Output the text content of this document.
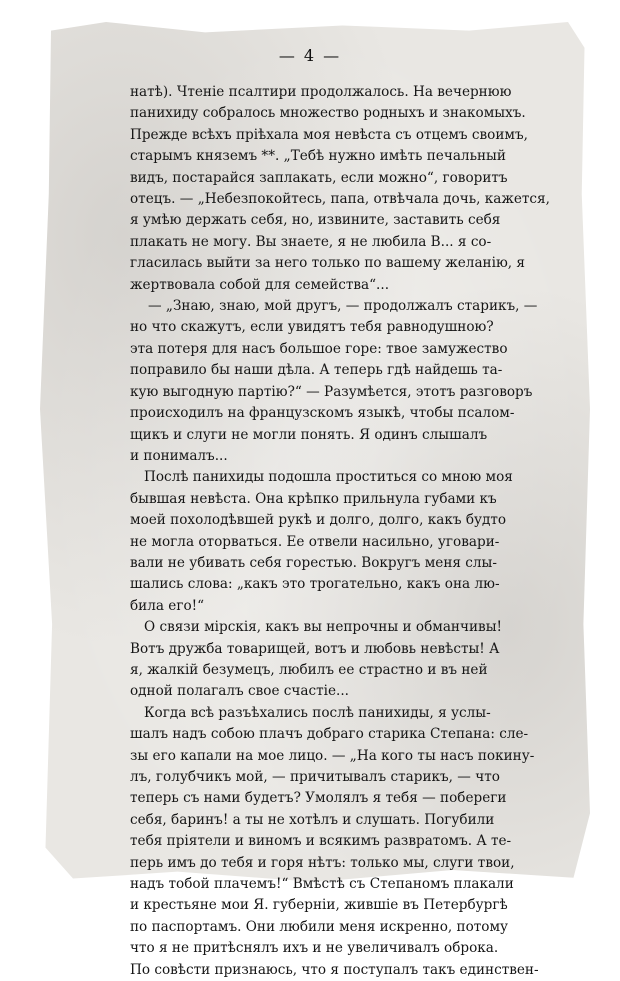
— 4 —
натѣ). Чтеніе псалтири продолжалось. На вечернюю
панихиду собралось множество родныхъ и знакомыхъ.
Прежде всѣхъ пріѣхала моя невѣста съ отцемъ своимъ,
старымъ княземъ **. „Тебѣ нужно имѣть печальный
видъ, постарайся заплакать, если можно“, говоритъ
отецъ. — „Небезпокойтесь, папа, отвѣчала дочь, кажется,
я умѣю держать себя, но, извините, заставить себя
плакать не могу. Вы знаете, я не любила В... я со-
гласилась выйти за него только по вашему желанію, я
жертвовала собой для семейства“...
— „Знаю, знаю, мой другъ, — продолжалъ старикъ, —
но что скажутъ, если увидятъ тебя равнодушною?
эта потеря для насъ большое горе: твое замужество
поправило бы наши дѣла. А теперь гдѣ найдешь та-
кую выгодную партію?“ — Разумѣется, этотъ разговоръ
происходилъ на французскомъ языкѣ, чтобы псалом-
щикъ и слуги не могли понять. Я одинъ слышалъ
и понималъ...
Послѣ панихиды подошла проститься со мною моя
бывшая невѣста. Она крѣпко прильнула губами къ
моей похолодѣвшей рукѣ и долго, долго, какъ будто
не могла оторваться. Ее отвели насильно, уговари-
вали не убивать себя горестью. Вокругъ меня слы-
шались слова: „какъ это трогательно, какъ она лю-
била его!“
О связи мірскія, какъ вы непрочны и обманчивы!
Вотъ дружба товарищей, вотъ и любовь невѣсты! А
я, жалкій безумецъ, любилъ ее страстно и въ ней
одной полагалъ свое счастіе...
Когда всѣ разъѣхались послѣ панихиды, я услы-
шалъ надъ собою плачъ добраго старика Степана: сле-
зы его капали на мое лицо. — „На кого ты насъ покину-
лъ, голубчикъ мой, — причитывалъ старикъ, — что
теперь съ нами будетъ? Умолялъ я тебя — побереги
себя, баринъ! а ты не хотѣлъ и слушать. Погубили
тебя пріятели и виномъ и всякимъ развратомъ. А те-
перь имъ до тебя и горя нѣтъ: только мы, слуги твои,
надъ тобой плачемъ!“ Вмѣстѣ съ Степаномъ плакали
и крестьяне мои Я. губерніи, жившіе въ Петербургѣ
по паспортамъ. Они любили меня искренно, потому
что я не притѣснялъ ихъ и не увеличивалъ оброка.
По совѣсти признаюсь, что я поступалъ такъ единствен-
